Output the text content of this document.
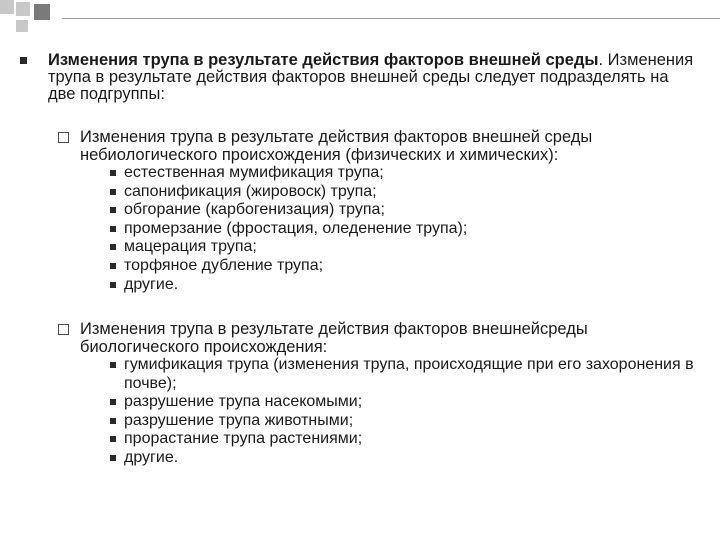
Изменения трупа в результате действия факторов внешней среды. Изменения трупа в результате действия факторов внешней среды следует подразделять на две подгруппы:
Изменения трупа в результате действия факторов внешней среды небиологического происхождения (физических и химических):
естественная мумификация трупа;
сапонификация (жировоск) трупа;
обгорание (карбогенизация) трупа;
промерзание (фростация, оледенение трупа);
мацерация трупа;
торфяное дубление трупа;
другие.
Изменения трупа в результате действия факторов внешнейсреды биологического происхождения:
гумификация трупа (изменения трупа, происходящие при его захоронения в почве);
разрушение трупа насекомыми;
разрушение трупа животными;
прорастание трупа растениями;
другие.
